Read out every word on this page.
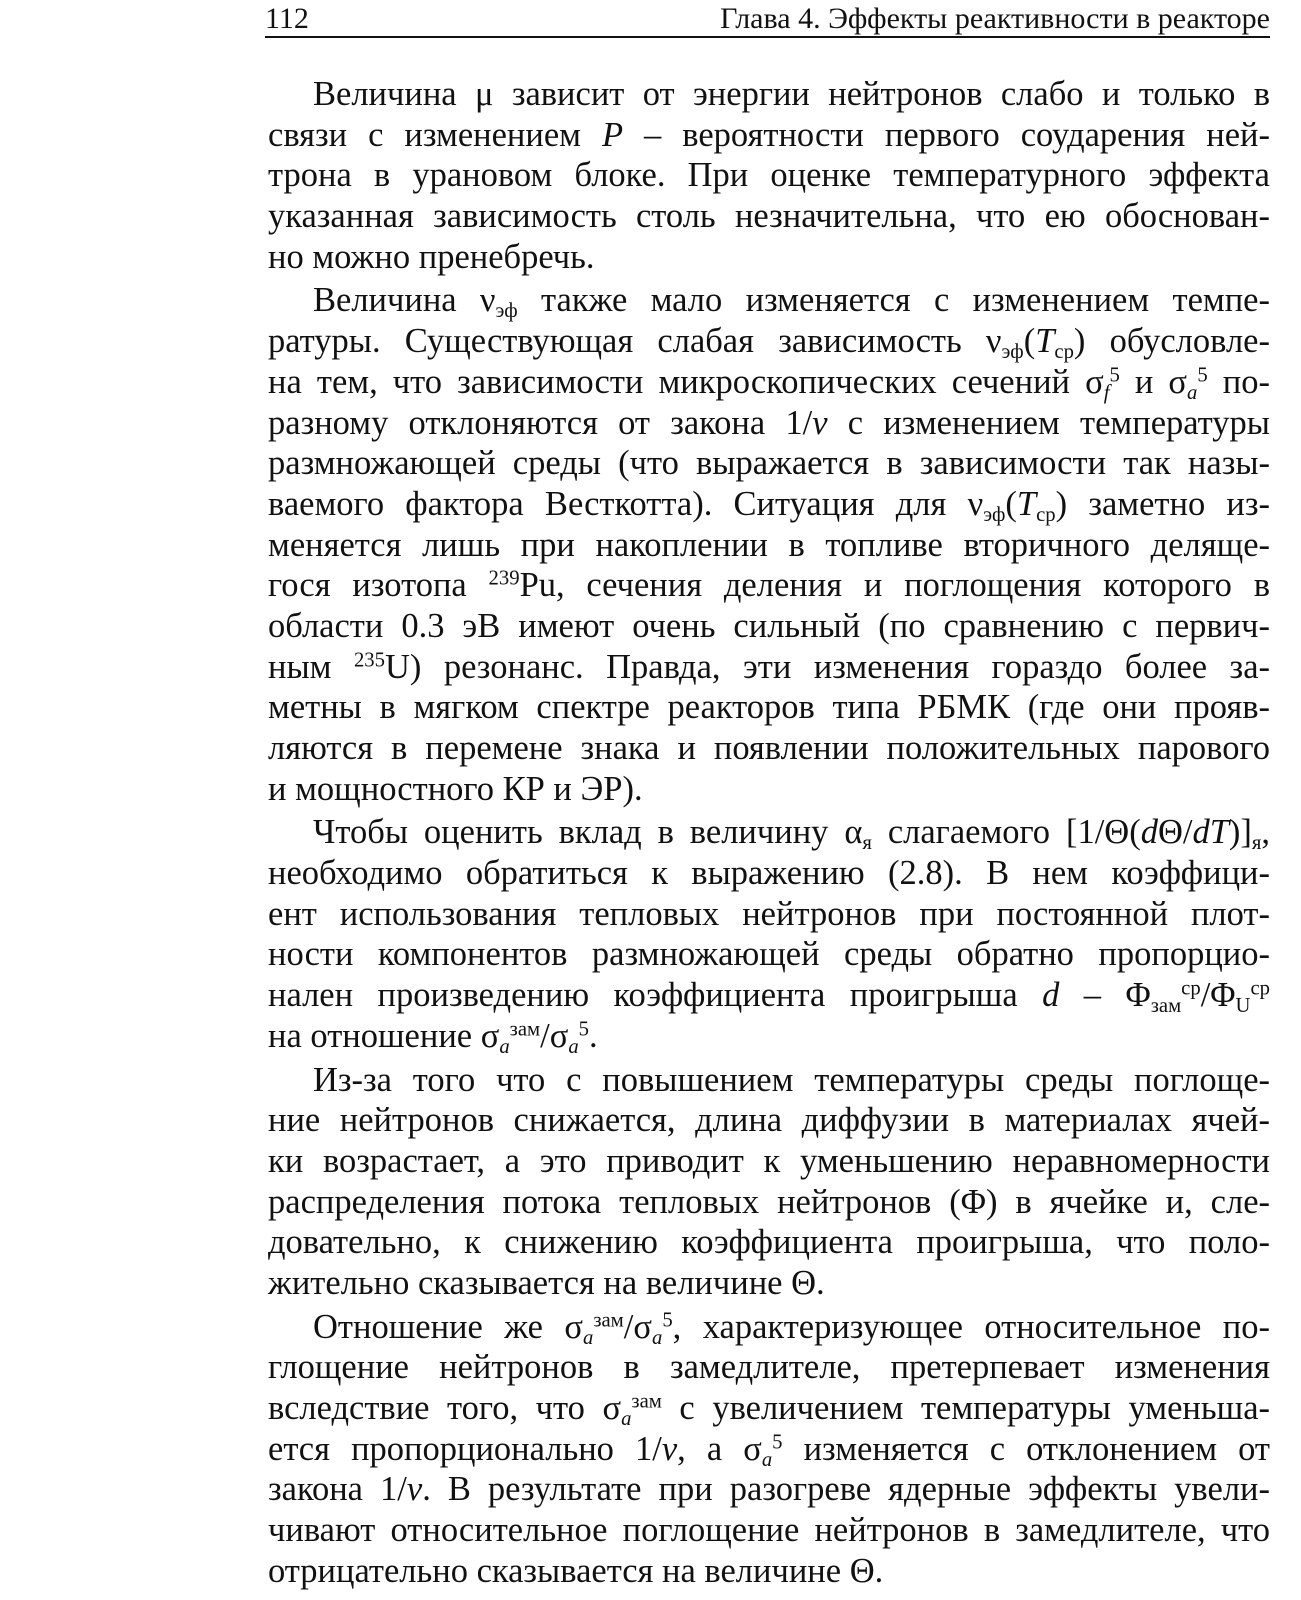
112	Глава 4. Эффекты реактивности в реакторе
Величина μ зависит от энергии нейтронов слабо и только в
связи с изменением P – вероятности первого соударения ней-
трона в урановом блоке. При оценке температурного эффекта
указанная зависимость столь незначительна, что ею обоснован-
но можно пренебречь.
Величина $\nu_{эф}$ также мало изменяется с изменением темпе-
ратуры. Существующая слабая зависимость $\nu_{эф}(T_{ср})$ обусловле-
на тем, что зависимости микроскопических сечений $\sigma_f^5$ и $\sigma_a^5$ по-
разному отклоняются от закона 1/v с изменением температуры
размножающей среды (что выражается в зависимости так назы-
ваемого фактора Весткотта). Ситуация для $\nu_{эф}(T_{ср})$ заметно из-
меняется лишь при накоплении в топливе вторичного деляще-
гося изотопа $^{239}$Pu, сечения деления и поглощения которого в
области 0.3 эВ имеют очень сильный (по сравнению с первич-
ным $^{235}$U) резонанс. Правда, эти изменения гораздо более за-
метны в мягком спектре реакторов типа РБМК (где они прояв-
ляются в перемене знака и появлении положительных парового
и мощностного КР и ЭР).
Чтобы оценить вклад в величину $\alpha_я$ слагаемого $[1/\Theta(d\Theta/dT)]_я$,
необходимо обратиться к выражению (2.8). В нем коэффици-
ент использования тепловых нейтронов при постоянной плот-
ности компонентов размножающей среды обратно пропорцио-
нален произведению коэффициента проигрыша d – $\Phi_{зам}^{ср}/\Phi_U^{ср}$
на отношение $\sigma_a^{зам}/\sigma_a^5$.
Из-за того что с повышением температуры среды поглоще-
ние нейтронов снижается, длина диффузии в материалах ячей-
ки возрастает, а это приводит к уменьшению неравномерности
распределения потока тепловых нейтронов (Φ) в ячейке и, сле-
довательно, к снижению коэффициента проигрыша, что поло-
жительно сказывается на величине Θ.
Отношение же $\sigma_a^{зам}/\sigma_a^5$, характеризующее относительное по-
глощение нейтронов в замедлителе, претерпевает изменения
вследствие того, что $\sigma_a^{зам}$ с увеличением температуры уменьша-
ется пропорционально 1/v, а $\sigma_a^5$ изменяется с отклонением от
закона 1/v. В результате при разогреве ядерные эффекты увели-
чивают относительное поглощение нейтронов в замедлителе, что
отрицательно сказывается на величине Θ.
